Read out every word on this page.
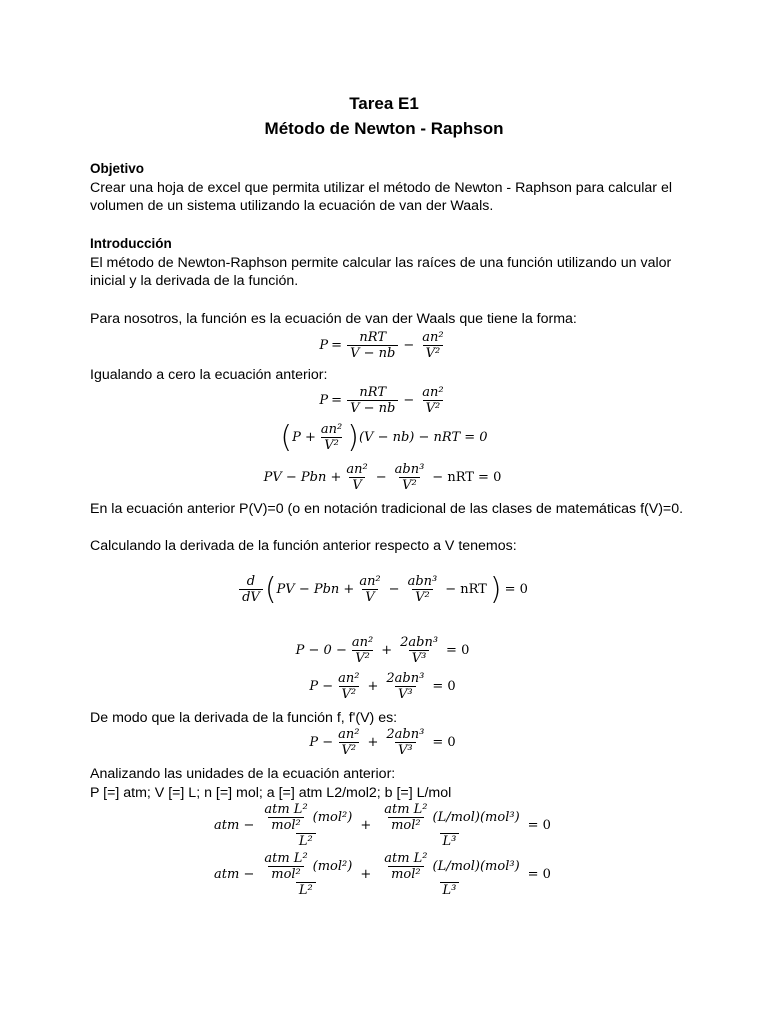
Tarea E1
Método de Newton - Raphson
Objetivo
Crear una hoja de excel que permita utilizar el método de Newton - Raphson para calcular el
volumen de un sistema utilizando la ecuación de van der Waals.
Introducción
El método de Newton-Raphson permite calcular las raíces de una función utilizando un valor
inicial y la derivada de la función.
Para nosotros, la función es la ecuación de van der Waals que tiene la forma:
$P = \frac{\text{nRT}}{V - nb} - \frac{\text{an²}}{\text{V²}}$
Igualando a cero la ecuación anterior:
$P = \frac{\text{nRT}}{V - nb} - \frac{\text{an²}}{\text{V²}}$
( $P + \frac{\text{an²}}{\text{V²}}$ ) (V − nb) − nRT = 0
PV − Pbn + $\frac{\text{an²}}{V} - \frac{\text{abn³}}{\text{V²}}$ − nRT = 0
En la ecuación anterior P(V)=0 (o en notación tradicional de las clases de matemáticas f(V)=0.
Calculando la derivada de la función anterior respecto a V tenemos:
$\frac{d}{dV}$ ( PV − Pbn + $\frac{\text{an²}}{V} - \frac{\text{abn³}}{\text{V²}}$ − nRT ) = 0
$P - 0 - \frac{\text{an²}}{\text{V²}} + \frac{\text{2abn³}}{\text{V³}} = 0$
$P - \frac{\text{an²}}{\text{V²}} + \frac{\text{2abn³}}{\text{V³}} = 0$
De modo que la derivada de la función f, f'(V) es:
$P - \frac{\text{an²}}{\text{V²}} + \frac{\text{2abn³}}{\text{V³}} = 0$
Analizando las unidades de la ecuación anterior:
P [=] atm; V [=] L; n [=] mol; a [=] atm L2/mol2; b [=] L/mol
atm − $\frac{\frac{\text{atm L²}}{\text{mol²}} (mol^2)}{\text{L²}} + \frac{\frac{\text{atm L²}}{\text{mol²}} (L/mol)(mol^3)}{\text{L³}} = 0$
atm − $\frac{\frac{\text{atm L²}}{\text{mol²}} (mol^2)}{\text{L²}} + \frac{\frac{\text{atm L²}}{\text{mol²}} (L/mol)(mol^3)}{\text{L³}} = 0$
